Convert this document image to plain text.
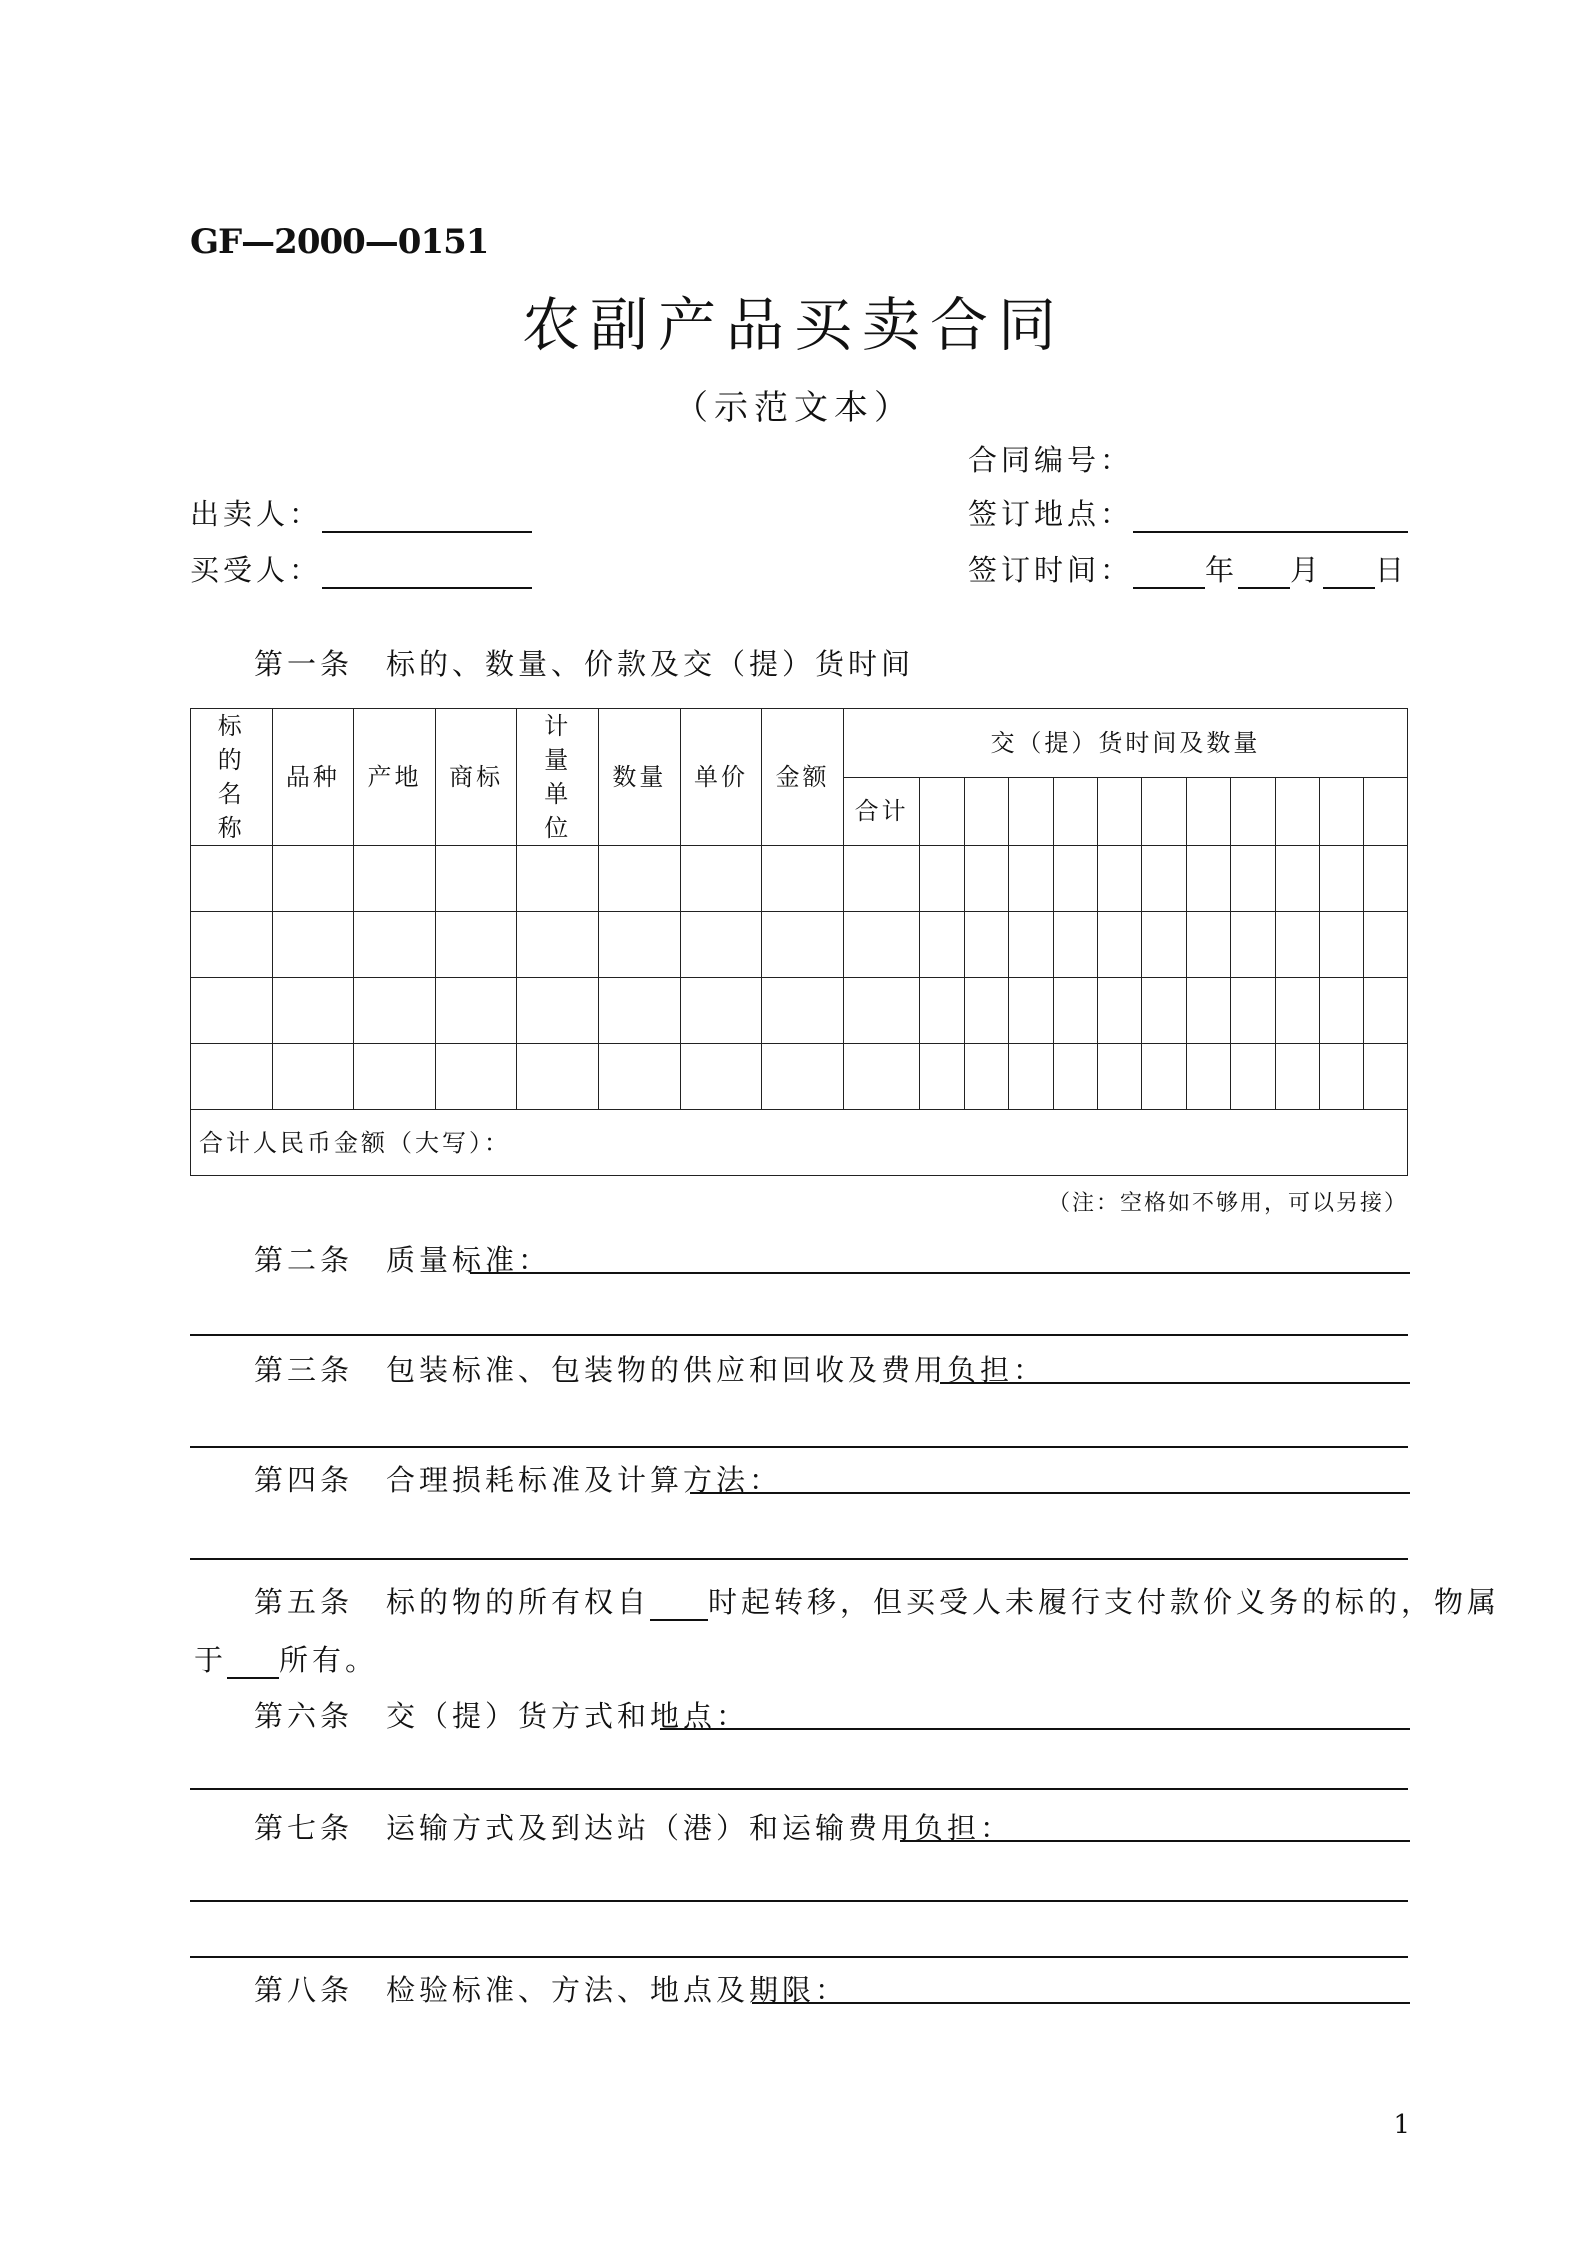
GF—2000—0151
农副产品买卖合同
（示范文本）
合同编号：
出卖人：	签订地点：
买受人：	签订时间： 年 月 日
第一条　标的、数量、价款及交（提）货时间
标的名称	品种	产地	商标	计量单位	数量	单价	金额	交（提）货时间及数量											
								合计											

合计人民币金额（大写）：																			
（注：空格如不够用，可以另接）
第二条　质量标准：
第三条　包装标准、包装物的供应和回收及费用负担：
第四条　合理损耗标准及计算方法：
第五条　标的物的所有权自 时起转移，但买受人未履行支付款价义务的标的，物属
于 所有。
第六条　交（提）货方式和地点：
第七条　运输方式及到达站（港）和运输费用负担：
第八条　检验标准、方法、地点及期限：
1
